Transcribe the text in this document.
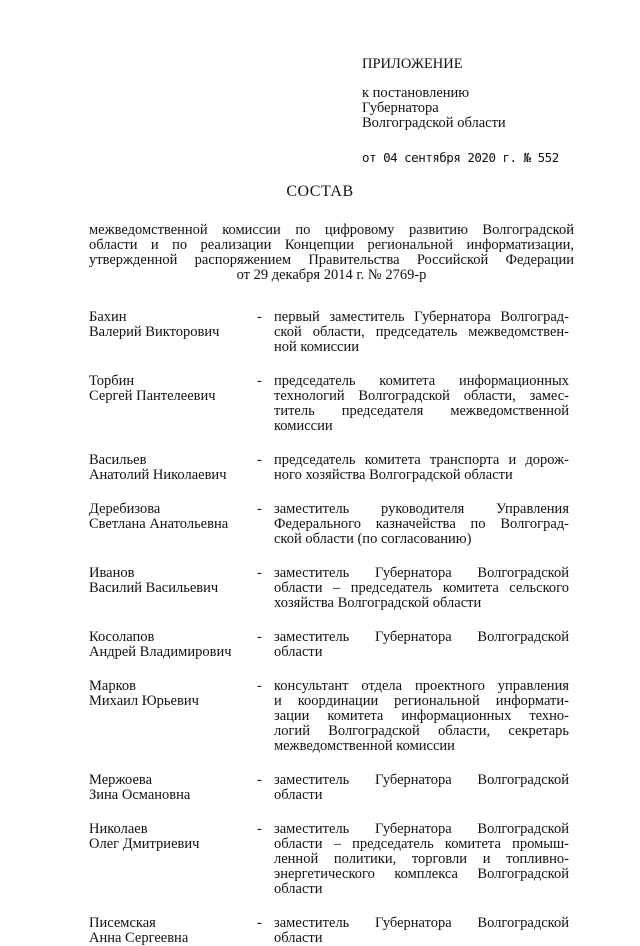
ПРИЛОЖЕНИЕ
к постановлению
Губернатора
Волгоградской области
от 04 сентября 2020 г. № 552
СОСТАВ
межведомственной комиссии по цифровому развитию Волгоградской
области и по реализации Концепции региональной информатизации,
утвержденной распоряжением Правительства Российской Федерации
от 29 декабря 2014 г. № 2769-р
Бахин
Валерий Викторович
- первый заместитель Губернатора Волгоград-
ской области, председатель межведомствен-
ной комиссии
Торбин
Сергей Пантелеевич
- председатель комитета информационных
технологий Волгоградской области, замес-
титель председателя межведомственной
комиссии
Васильев
Анатолий Николаевич
- председатель комитета транспорта и дорож-
ного хозяйства Волгоградской области
Деребизова
Светлана Анатольевна
- заместитель руководителя Управления
Федерального казначейства по Волгоград-
ской области (по согласованию)
Иванов
Василий Васильевич
- заместитель Губернатора Волгоградской
области – председатель комитета сельского
хозяйства Волгоградской области
Косолапов
Андрей Владимирович
- заместитель Губернатора Волгоградской
области
Марков
Михаил Юрьевич
- консультант отдела проектного управления
и координации региональной информати-
зации комитета информационных техно-
логий Волгоградской области, секретарь
межведомственной комиссии
Мержоева
Зина Османовна
- заместитель Губернатора Волгоградской
области
Николаев
Олег Дмитриевич
- заместитель Губернатора Волгоградской
области – председатель комитета промыш-
ленной политики, торговли и топливно-
энергетического комплекса Волгоградской
области
Писемская
Анна Сергеевна
- заместитель Губернатора Волгоградской
области
